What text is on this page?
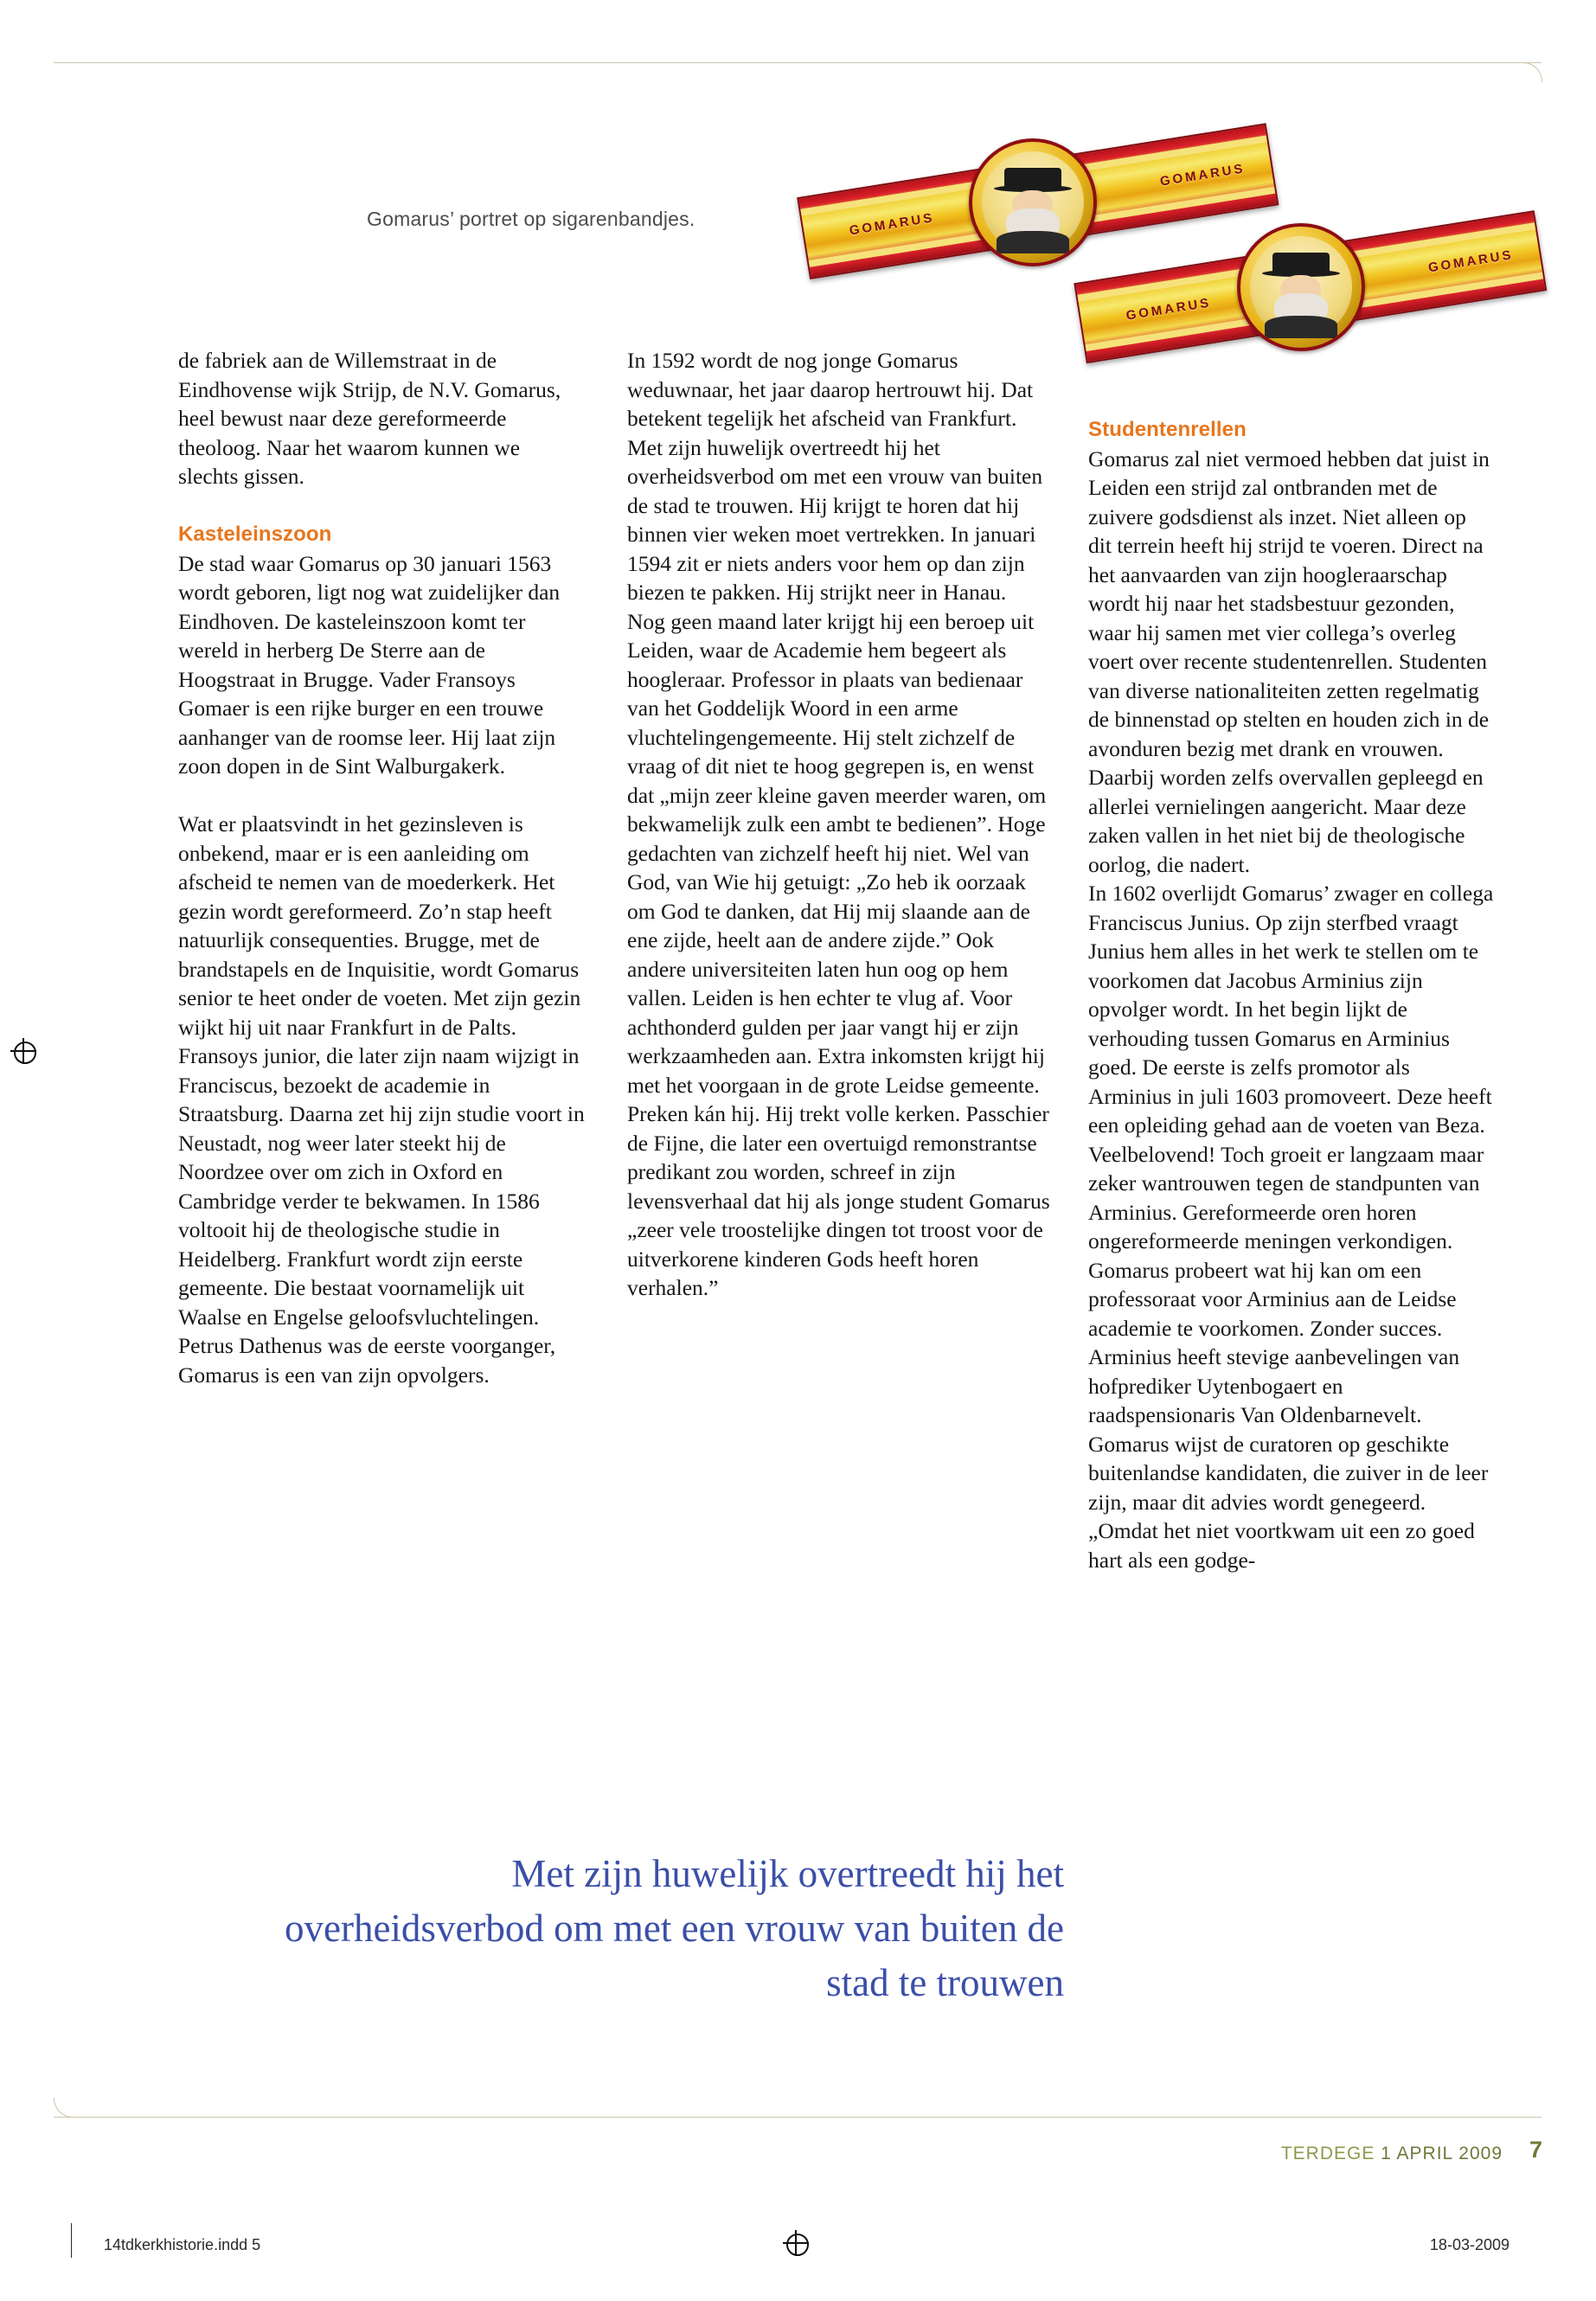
Gomarus’ portret op sigarenbandjes.	GOMARUS
GOMARUS
GOMARUS
GOMARUS

de fabriek aan de Willemstraat in de Eindhovense wijk Strijp, de N.V. Gomarus, heel bewust naar deze gereformeerde theoloog. Naar het waarom kunnen we slechts gissen.

Kasteleinszoon

De stad waar Gomarus op 30 januari 1563 wordt geboren, ligt nog wat zuidelijker dan Eindhoven. De kasteleinszoon komt ter wereld in herberg De Sterre aan de Hoogstraat in Brugge. Vader Fransoys Gomaer is een rijke burger en een trouwe aanhanger van de roomse leer. Hij laat zijn zoon dopen in de Sint Walburgakerk.

Wat er plaatsvindt in het gezinsleven is onbekend, maar er is een aanleiding om afscheid te nemen van de moederkerk. Het gezin wordt gereformeerd. Zo’n stap heeft natuurlijk consequenties. Brugge, met de brandstapels en de Inquisitie, wordt Gomarus senior te heet onder de voeten. Met zijn gezin wijkt hij uit naar Frankfurt in de Palts. Fransoys junior, die later zijn naam wijzigt in Franciscus, bezoekt de academie in Straatsburg. Daarna zet hij zijn studie voort in Neustadt, nog weer later steekt hij de Noordzee over om zich in Oxford en Cambridge verder te bekwamen. In 1586 voltooit hij de theologische studie in Heidelberg. Frankfurt wordt zijn eerste gemeente. Die bestaat voornamelijk uit Waalse en Engelse geloofsvluchtelingen. Petrus Dathenus was de eerste voorganger, Gomarus is een van zijn opvolgers.

In 1592 wordt de nog jonge Gomarus weduwnaar, het jaar daarop hertrouwt hij. Dat betekent tegelijk het afscheid van Frankfurt. Met zijn huwelijk overtreedt hij het overheidsverbod om met een vrouw van buiten de stad te trouwen. Hij krijgt te horen dat hij binnen vier weken moet vertrekken. In januari 1594 zit er niets anders voor hem op dan zijn biezen te pakken. Hij strijkt neer in Hanau.

Nog geen maand later krijgt hij een beroep uit Leiden, waar de Academie hem begeert als hoogleraar. Professor in plaats van bedienaar van het Goddelijk Woord in een arme vluchtelingengemeente. Hij stelt zichzelf de vraag of dit niet te hoog gegrepen is, en wenst dat „mijn zeer kleine gaven meerder waren, om bekwamelijk zulk een ambt te bedienen”. Hoge gedachten van zichzelf heeft hij niet. Wel van God, van Wie hij getuigt: „Zo heb ik oorzaak om God te danken, dat Hij mij slaande aan de ene zijde, heelt aan de andere zijde.” Ook andere universiteiten laten hun oog op hem vallen. Leiden is hen echter te vlug af. Voor achthonderd gulden per jaar vangt hij er zijn werkzaamheden aan. Extra inkomsten krijgt hij met het voorgaan in de grote Leidse gemeente. Preken kán hij. Hij trekt volle kerken. Passchier de Fijne, die later een overtuigd remonstrantse predikant zou worden, schreef in zijn levensverhaal dat hij als jonge student Gomarus „zeer vele troostelijke dingen tot troost voor de uitverkorene kinderen Gods heeft horen verhalen.”

Studentenrellen

Gomarus zal niet vermoed hebben dat juist in Leiden een strijd zal ontbranden met de zuivere godsdienst als inzet. Niet alleen op dit terrein heeft hij strijd te voeren. Direct na het aanvaarden van zijn hoogleraarschap wordt hij naar het stadsbestuur gezonden, waar hij samen met vier collega’s overleg voert over recente studentenrellen. Studenten van diverse nationaliteiten zetten regelmatig de binnenstad op stelten en houden zich in de avonduren bezig met drank en vrouwen. Daarbij worden zelfs overvallen gepleegd en allerlei vernielingen aangericht. Maar deze zaken vallen in het niet bij de theologische oorlog, die nadert.

In 1602 overlijdt Gomarus’ zwager en collega Franciscus Junius. Op zijn sterfbed vraagt Junius hem alles in het werk te stellen om te voorkomen dat Jacobus Arminius zijn opvolger wordt. In het begin lijkt de verhouding tussen Gomarus en Arminius goed. De eerste is zelfs promotor als Arminius in juli 1603 promoveert. Deze heeft een opleiding gehad aan de voeten van Beza. Veelbelovend! Toch groeit er langzaam maar zeker wantrouwen tegen de standpunten van Arminius. Gereformeerde oren horen ongereformeerde meningen verkondigen.

Gomarus probeert wat hij kan om een professoraat voor Arminius aan de Leidse academie te voorkomen. Zonder succes. Arminius heeft stevige aanbevelingen van hofprediker Uytenbogaert en raadspensionaris Van Oldenbarnevelt. Gomarus wijst de curatoren op geschikte buitenlandse kandidaten, die zuiver in de leer zijn, maar dit advies wordt genegeerd. „Omdat het niet voortkwam uit een zo goed hart als een godge-

Met zijn huwelijk overtreedt hij het overheidsverbod om met een vrouw van buiten de stad te trouwen
TERDEGE 1 APRIL 2009 7
14tdkerkhistorie.indd 5	18-03-2009
